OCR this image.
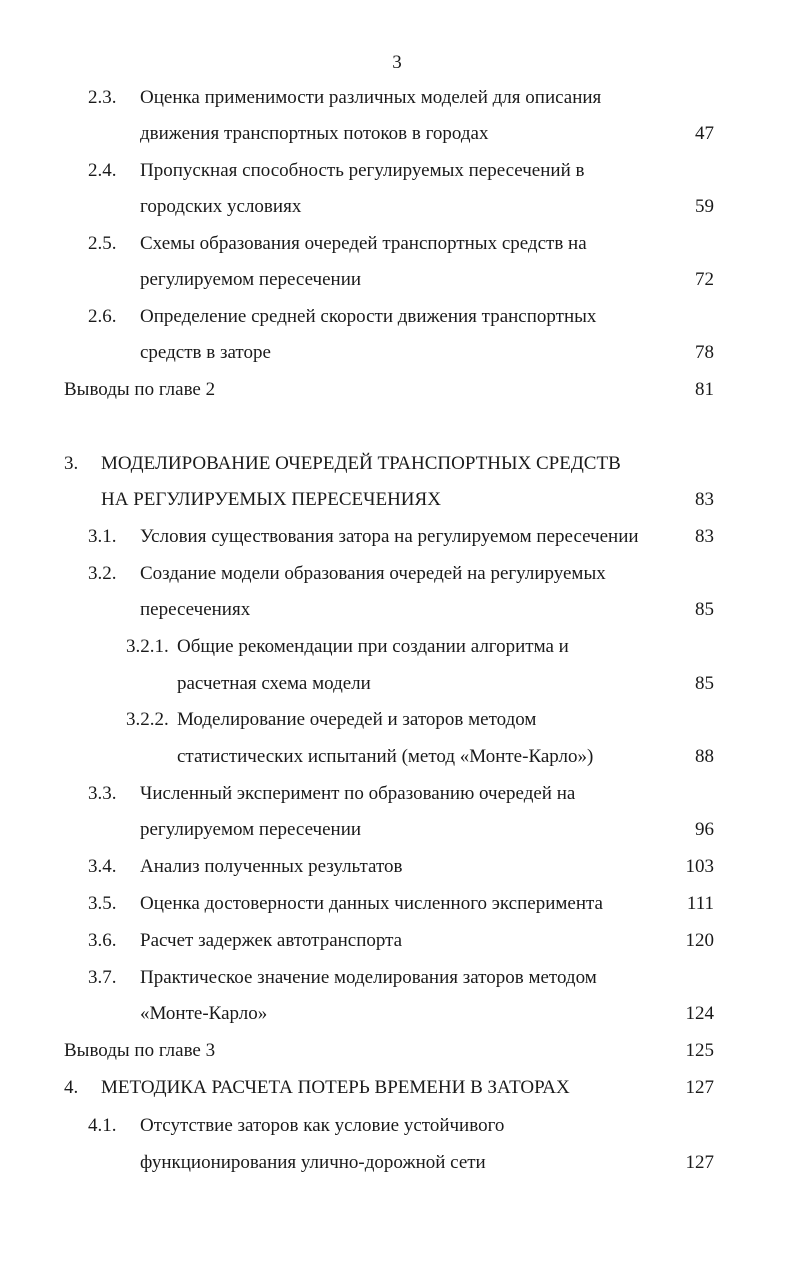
3
2.3. Оценка применимости различных моделей для описания
движения транспортных потоков в городах	47
2.4. Пропускная способность регулируемых пересечений в
городских условиях	59
2.5. Схемы образования очередей транспортных средств на
регулируемом пересечении	72
2.6. Определение средней скорости движения транспортных
средств в заторе	78
Выводы по главе 2	81
3. МОДЕЛИРОВАНИЕ ОЧЕРЕДЕЙ ТРАНСПОРТНЫХ СРЕДСТВ
НА РЕГУЛИРУЕМЫХ ПЕРЕСЕЧЕНИЯХ	83
3.1. Условия существования затора на регулируемом пересечении	83
3.2. Создание модели образования очередей на регулируемых
пересечениях	85
3.2.1. Общие рекомендации при создании алгоритма и
расчетная схема модели	85
3.2.2. Моделирование очередей и заторов методом
статистических испытаний (метод «Монте-Карло»)	88
3.3. Численный эксперимент по образованию очередей на
регулируемом пересечении	96
3.4. Анализ полученных результатов	103
3.5. Оценка достоверности данных численного эксперимента	111
3.6. Расчет задержек автотранспорта	120
3.7. Практическое значение моделирования заторов методом
«Монте-Карло»	124
Выводы по главе 3	125
4. МЕТОДИКА РАСЧЕТА ПОТЕРЬ ВРЕМЕНИ В ЗАТОРАХ	127
4.1. Отсутствие заторов как условие устойчивого
функционирования улично-дорожной сети	127
